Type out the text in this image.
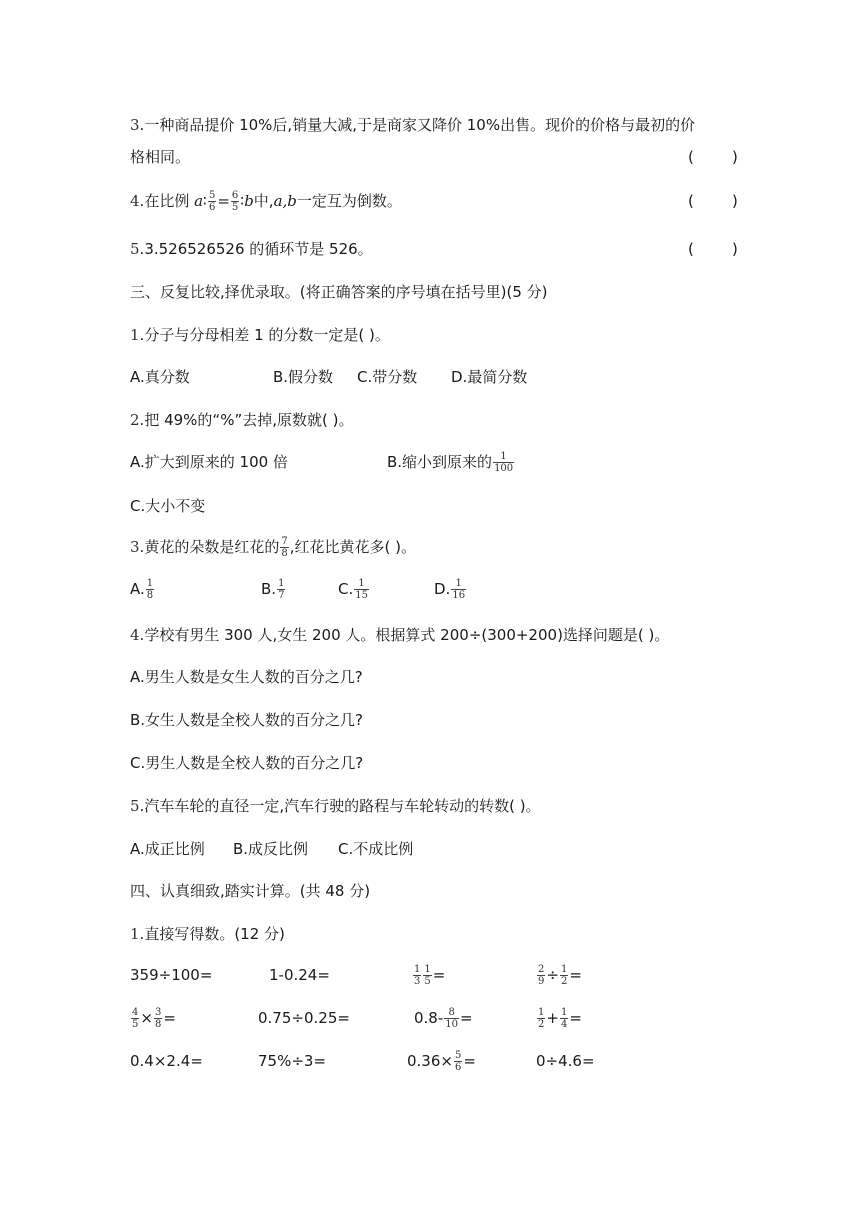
3.一种商品提价 10%后,销量大减,于是商家又降价 10%出售。现价的价格与最初的价
格相同。	(        )
4.在比例 a∶ $\frac{5}{6} = \frac{6}{5}$ ∶b中,a,b一定互为倒数。	(        )
5.3.526526526 的循环节是 526。	(        )
三、反复比较,择优录取。(将正确答案的序号填在括号里)(5 分)
1.分子与分母相差 1 的分数一定是( )。
A.真分数	B.假分数 C.带分数 D.最简分数
2.把 49%的“%”去掉,原数就( )。
A.扩大到原来的 100 倍	B.缩小到原来的 $\frac{1}{100}$
C.大小不变
3.黄花的朵数是红花的 $\frac{7}{8}$ ,红花比黄花多( )。
A. $\frac{1}{8}$	B. $\frac{1}{7}$	C. $\frac{1}{15}$	D. $\frac{1}{16}$
4.学校有男生 300 人,女生 200 人。根据算式 200÷(300+200)选择问题是( )。
A.男生人数是女生人数的百分之几?
B.女生人数是全校人数的百分之几?
C.男生人数是全校人数的百分之几?
5.汽车车轮的直径一定,汽车行驶的路程与车轮转动的转数( )。
A.成正比例 B.成反比例 C.不成比例
四、认真细致,踏实计算。(共 48 分)
1.直接写得数。(12 分)
359÷100=	1-0.24=	$\frac{1}{3} \frac{1}{5}$ =	$\frac{2}{9} \div \frac{1}{2}$ =
$\frac{4}{5} \times \frac{3}{8}$ =	0.75÷0.25=	$0.8- \frac{8}{10}$ =	$\frac{1}{2} + \frac{1}{4}$ =
0.4×2.4=	75%÷3=	$0.36\times \frac{5}{6}$ =	0÷4.6=
